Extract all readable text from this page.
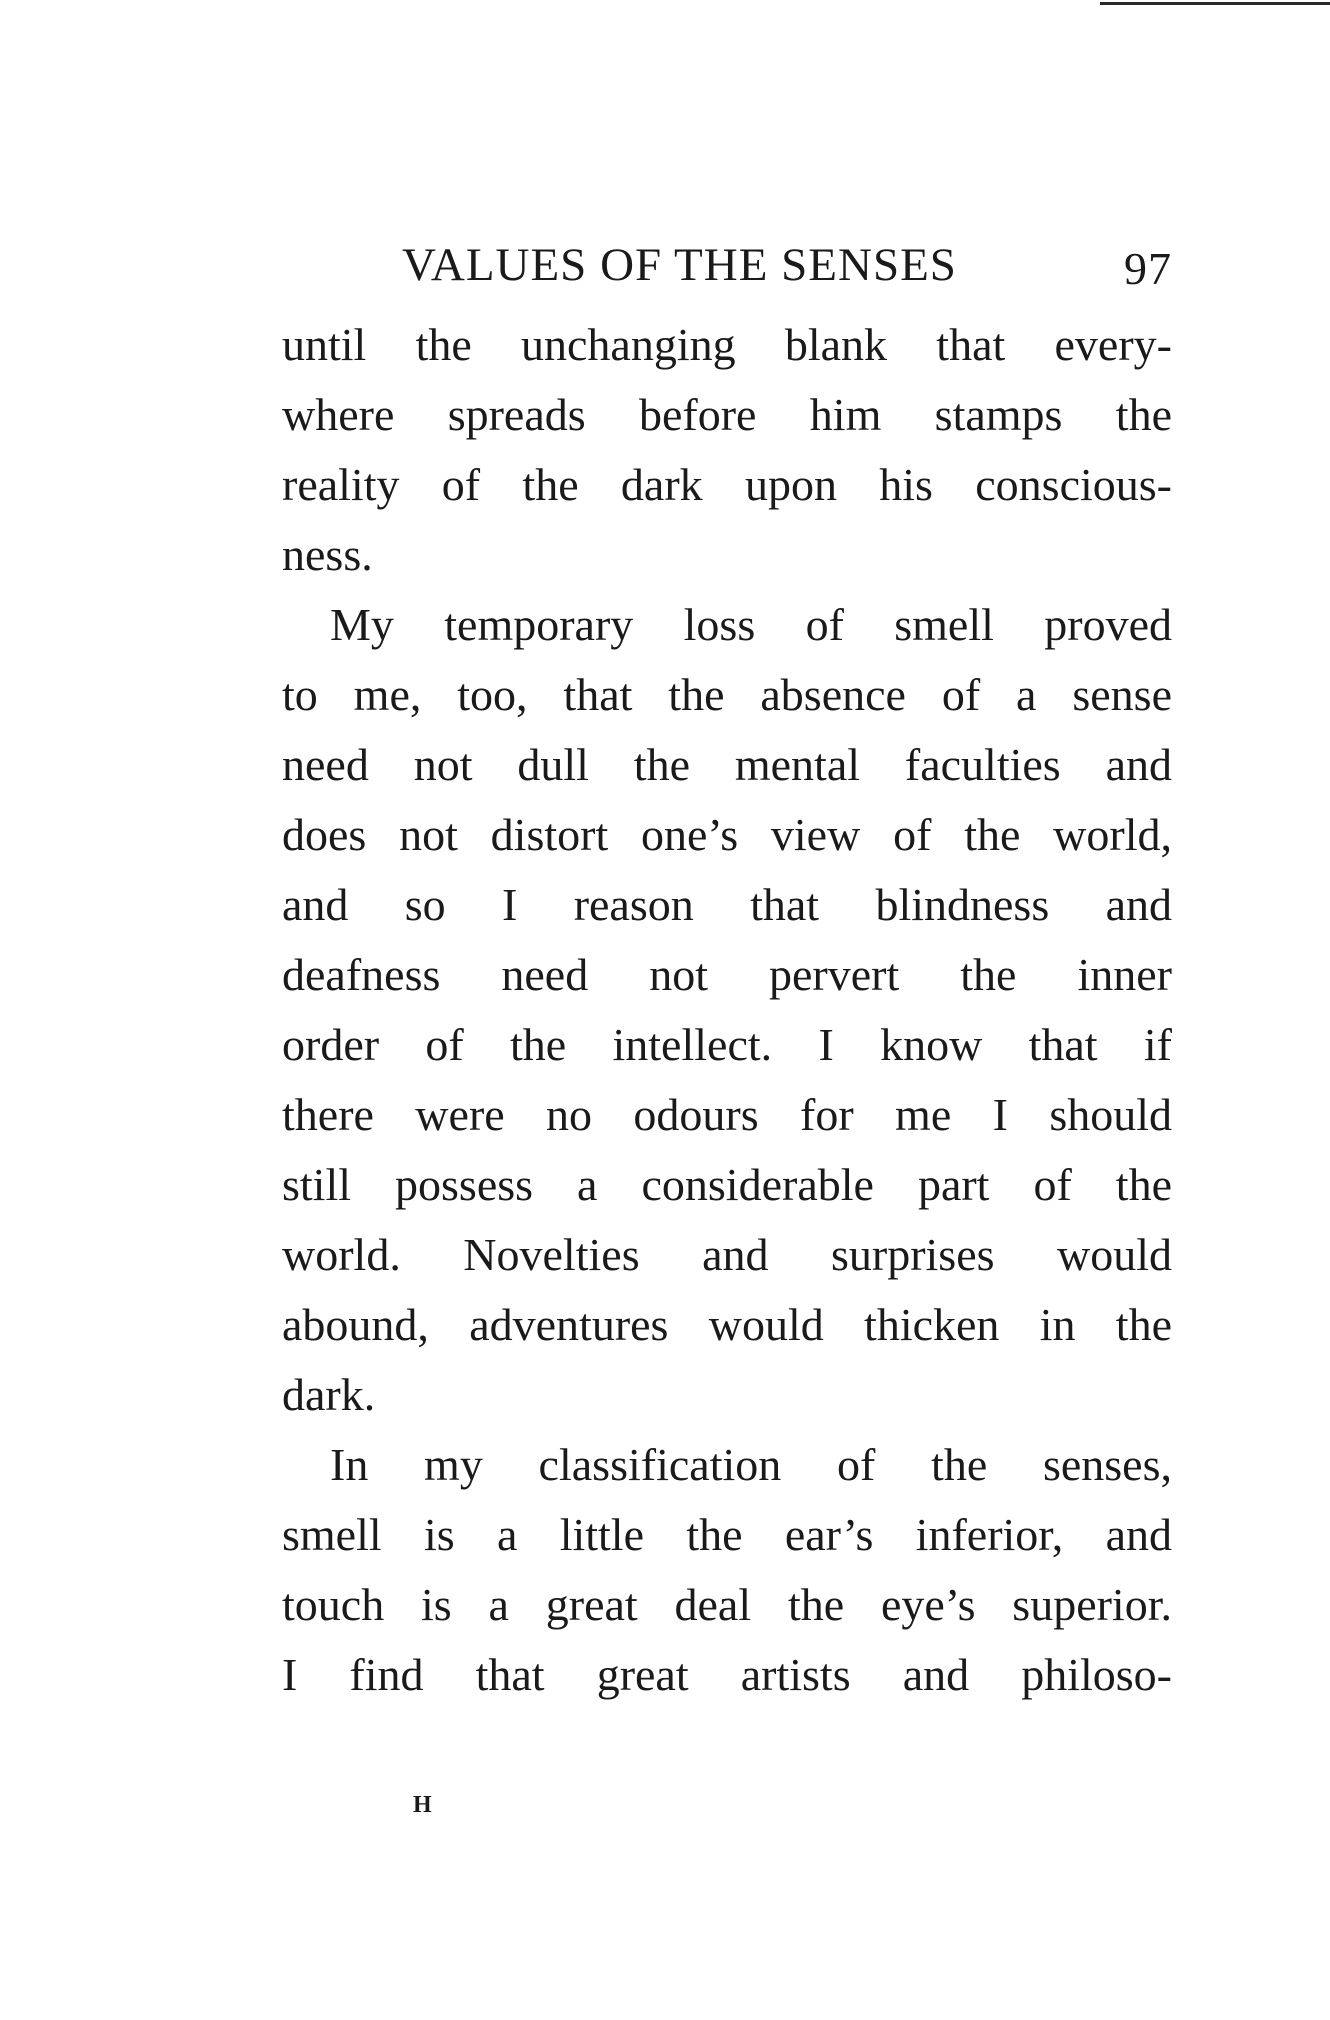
VALUES OF THE SENSES	97
until the unchanging blank that every-
where spreads before him stamps the
reality of the dark upon his conscious-
ness.
My temporary loss of smell proved
to me, too, that the absence of a sense
need not dull the mental faculties and
does not distort one’s view of the world,
and so I reason that blindness and
deafness need not pervert the inner
order of the intellect. I know that if
there were no odours for me I should
still possess a considerable part of the
world. Novelties and surprises would
abound, adventures would thicken in the
dark.
In my classification of the senses,
smell is a little the ear’s inferior, and
touch is a great deal the eye’s superior.
I find that great artists and philoso-
H
